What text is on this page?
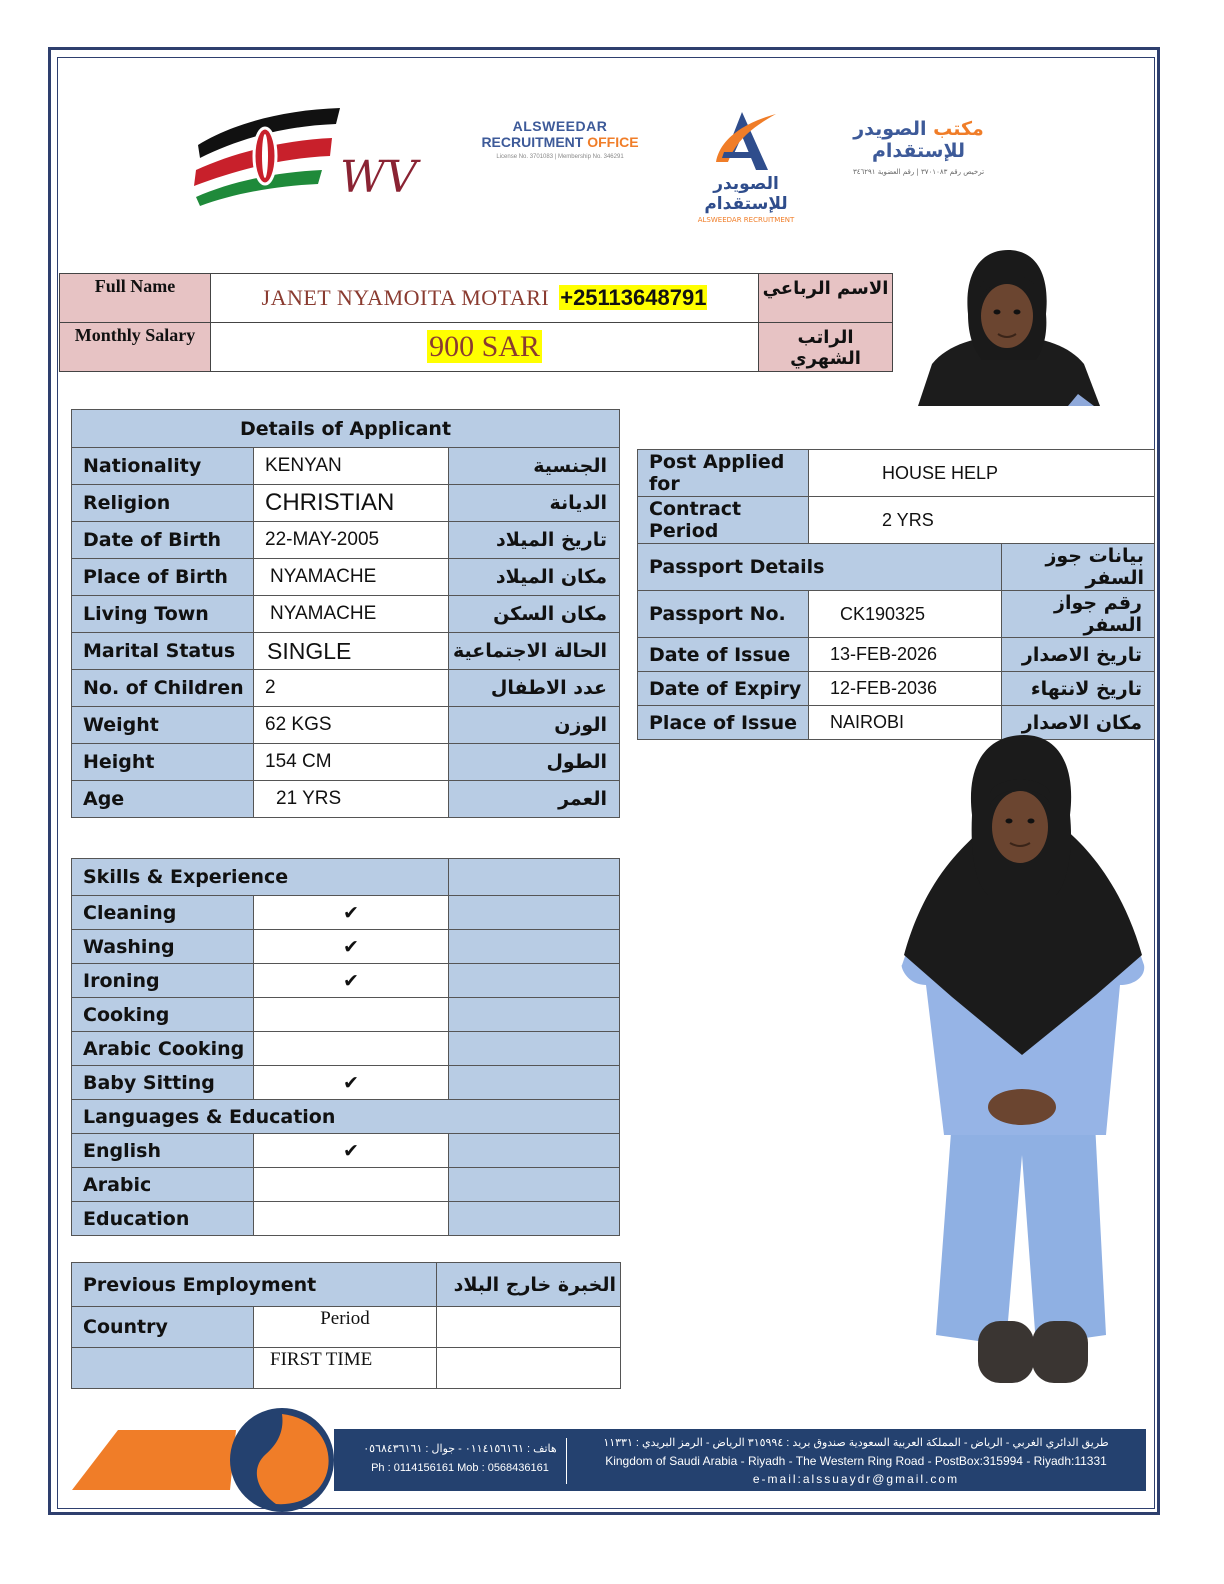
WV
ALSWEEDAR
RECRUITMENT OFFICE
License No. 3701083 | Membership No. 346291
الصويدر للإستقدام
ALSWEEDAR RECRUITMENT
مكتب الصويدر للإستقدام
ترخيص رقم ٣٧٠١٠٨٣ | رقم العضوية ٣٤٦٢٩١
Full Name	JANET NYAMOITA MOTARI +25113648791	الاسم الرباعي
Monthly Salary	900 SAR	الراتب الشهري
Details of Applicant		
Nationality	KENYAN	الجنسية
Religion	CHRISTIAN	الديانة
Date of Birth	22-MAY-2005	تاريخ الميلاد
Place of Birth	NYAMACHE	مكان الميلاد
Living Town	NYAMACHE	مكان السكن
Marital Status	SINGLE	الحالة الاجتماعية
No. of Children	2	عدد الاطفال
Weight	62 KGS	الوزن
Height	154 CM	الطول
Age	21 YRS	العمر
Post Applied for	HOUSE HELP	
Contract Period	2 YRS	
Passport Details		بيانات جوز السفر
Passport No.	CK190325	رقم جواز السفر
Date of Issue	13-FEB-2026	تاريخ الاصدار
Date of Expiry	12-FEB-2036	تاريخ لانتهاء
Place of Issue	NAIROBI	مكان الاصدار
Skills & Experience		
Cleaning	✔	
Washing	✔	
Ironing	✔	
Cooking		
Arabic Cooking		
Baby Sitting	✔	
Languages & Education		
English	✔	
Arabic		
Education		
Previous Employment		الخبرة خارج البلاد
Country	Period	
	FIRST TIME	
هاتف : ٠١١٤١٥٦١٦١ - جوال : ٠٥٦٨٤٣٦١٦١
Ph : 0114156161 Mob : 0568436161
طريق الدائري الغربي - الرياض - المملكة العربية السعودية صندوق بريد : ٣١٥٩٩٤ الرياض - الرمز البريدي : ١١٣٣١
Kingdom of Saudi Arabia - Riyadh - The Western Ring Road - PostBox:315994 - Riyadh:11331
e-mail:alssuaydr@gmail.com
